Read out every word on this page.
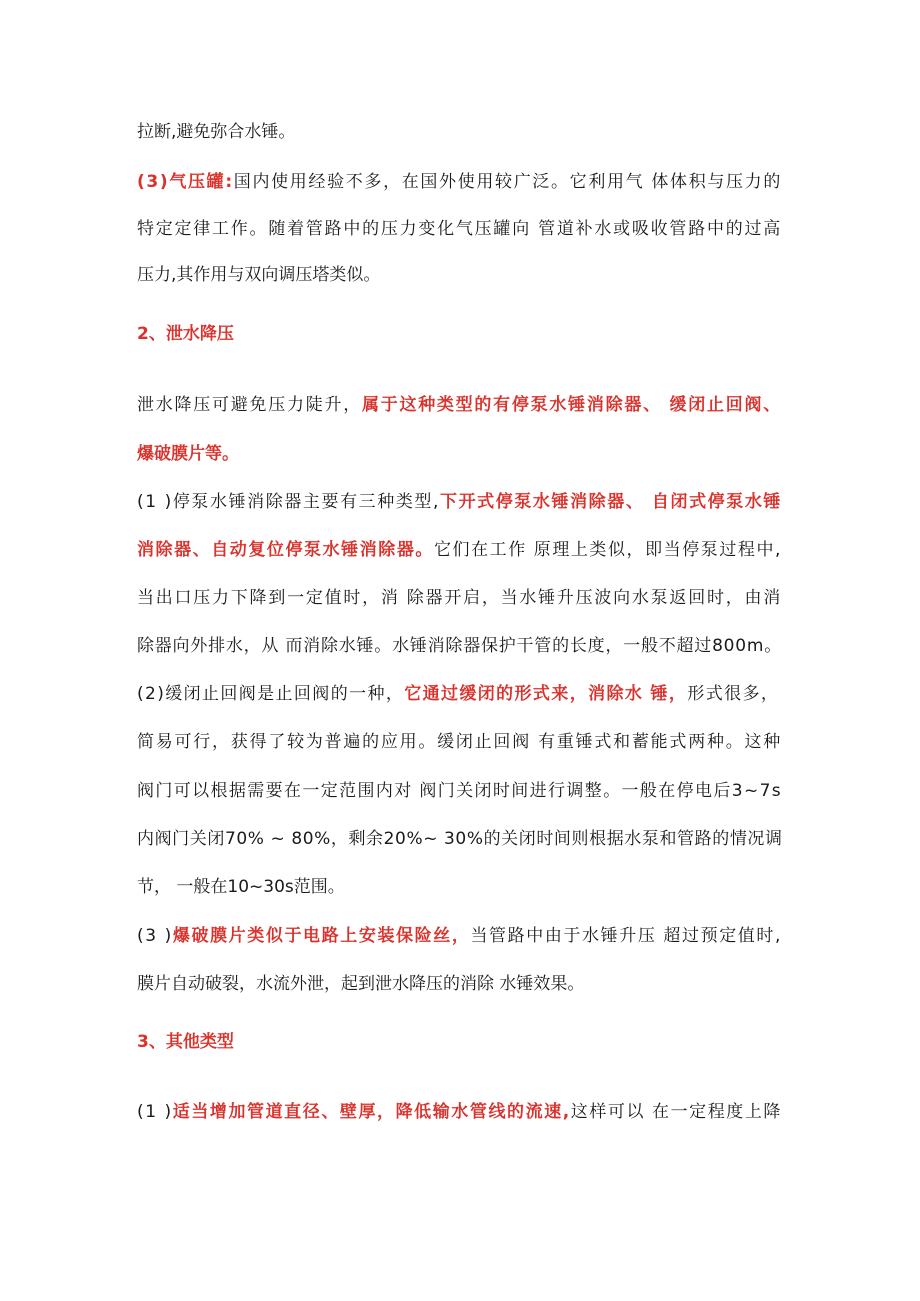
拉断,避免弥合水锤。
(3)气压罐:国内使用经验不多，在国外使用较广泛。它利用气 体体积与压力的
特定定律工作。随着管路中的压力变化气压罐向 管道补水或吸收管路中的过高
压力,其作用与双向调压塔类似。
2、泄水降压
泄水降压可避免压力陡升，属于这种类型的有停泵水锤消除器、 缓闭止回阀、
爆破膜片等。
(1 )停泵水锤消除器主要有三种类型,下开式停泵水锤消除器、 自闭式停泵水锤
消除器、自动复位停泵水锤消除器。它们在工作 原理上类似，即当停泵过程中,
当出口压力下降到一定值时，消 除器开启，当水锤升压波向水泵返回时，由消
除器向外排水，从 而消除水锤。水锤消除器保护干管的长度，一般不超过800m。
(2)缓闭止回阀是止回阀的一种，它通过缓闭的形式来，消除水 锤，形式很多，
简易可行，获得了较为普遍的应用。缓闭止回阀 有重锤式和蓄能式两种。这种
阀门可以根据需要在一定范围内对 阀门关闭时间进行调整。一般在停电后3~7s
内阀门关闭70% ~ 80%，剩余20%~ 30%的关闭时间则根据水泵和管路的情况调
节， 一般在10~30s范围。
(3 )爆破膜片类似于电路上安装保险丝，当管路中由于水锤升压 超过预定值时,
膜片自动破裂，水流外泄，起到泄水降压的消除 水锤效果。
3、其他类型
(1 )适当增加管道直径、壁厚，降低输水管线的流速,这样可以 在一定程度上降
